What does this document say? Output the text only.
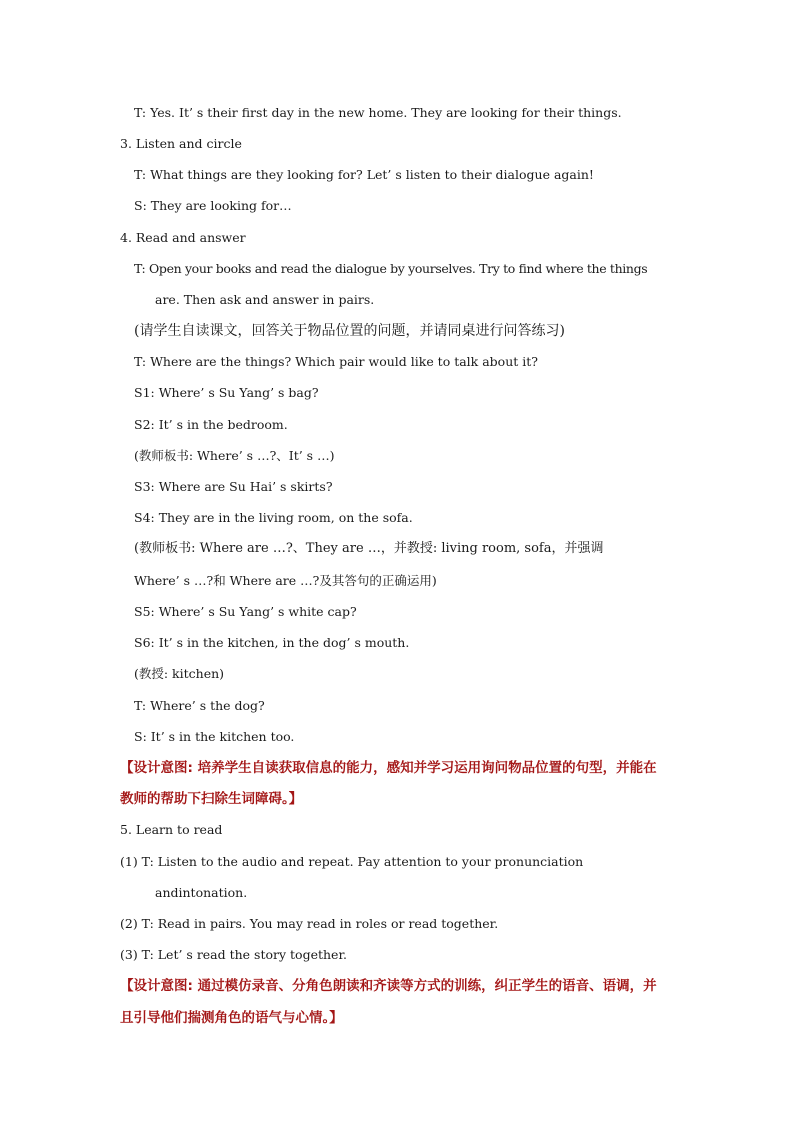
T: Yes. It’ s their first day in the new home. They are looking for their things.
3. Listen and circle
T: What things are they looking for? Let’ s listen to their dialogue again!
S: They are looking for…
4. Read and answer
T: Open your books and read the dialogue by yourselves. Try to find where the things
are. Then ask and answer in pairs.
(请学生自读课文，回答关于物品位置的问题，并请同桌进行问答练习)
T: Where are the things? Which pair would like to talk about it?
S1: Where’ s Su Yang’ s bag?
S2: It’ s in the bedroom.
(教师板书: Where’ s …?、It’ s …)
S3: Where are Su Hai’ s skirts?
S4: They are in the living room, on the sofa.
(教师板书: Where are …?、They are …，并教授: living room, sofa，并强调
Where’ s …?和 Where are …?及其答句的正确运用)
S5: Where’ s Su Yang’ s white cap?
S6: It’ s in the kitchen, in the dog’ s mouth.
(教授: kitchen)
T: Where’ s the dog?
S: It’ s in the kitchen too.
【设计意图: 培养学生自读获取信息的能力，感知并学习运用询问物品位置的句型，并能在
教师的帮助下扫除生词障碍。】
5. Learn to read
(1) T: Listen to the audio and repeat. Pay attention to your pronunciation
andintonation.
(2) T: Read in pairs. You may read in roles or read together.
(3) T: Let’ s read the story together.
【设计意图: 通过模仿录音、分角色朗读和齐读等方式的训练，纠正学生的语音、语调，并
且引导他们揣测角色的语气与心情。】
